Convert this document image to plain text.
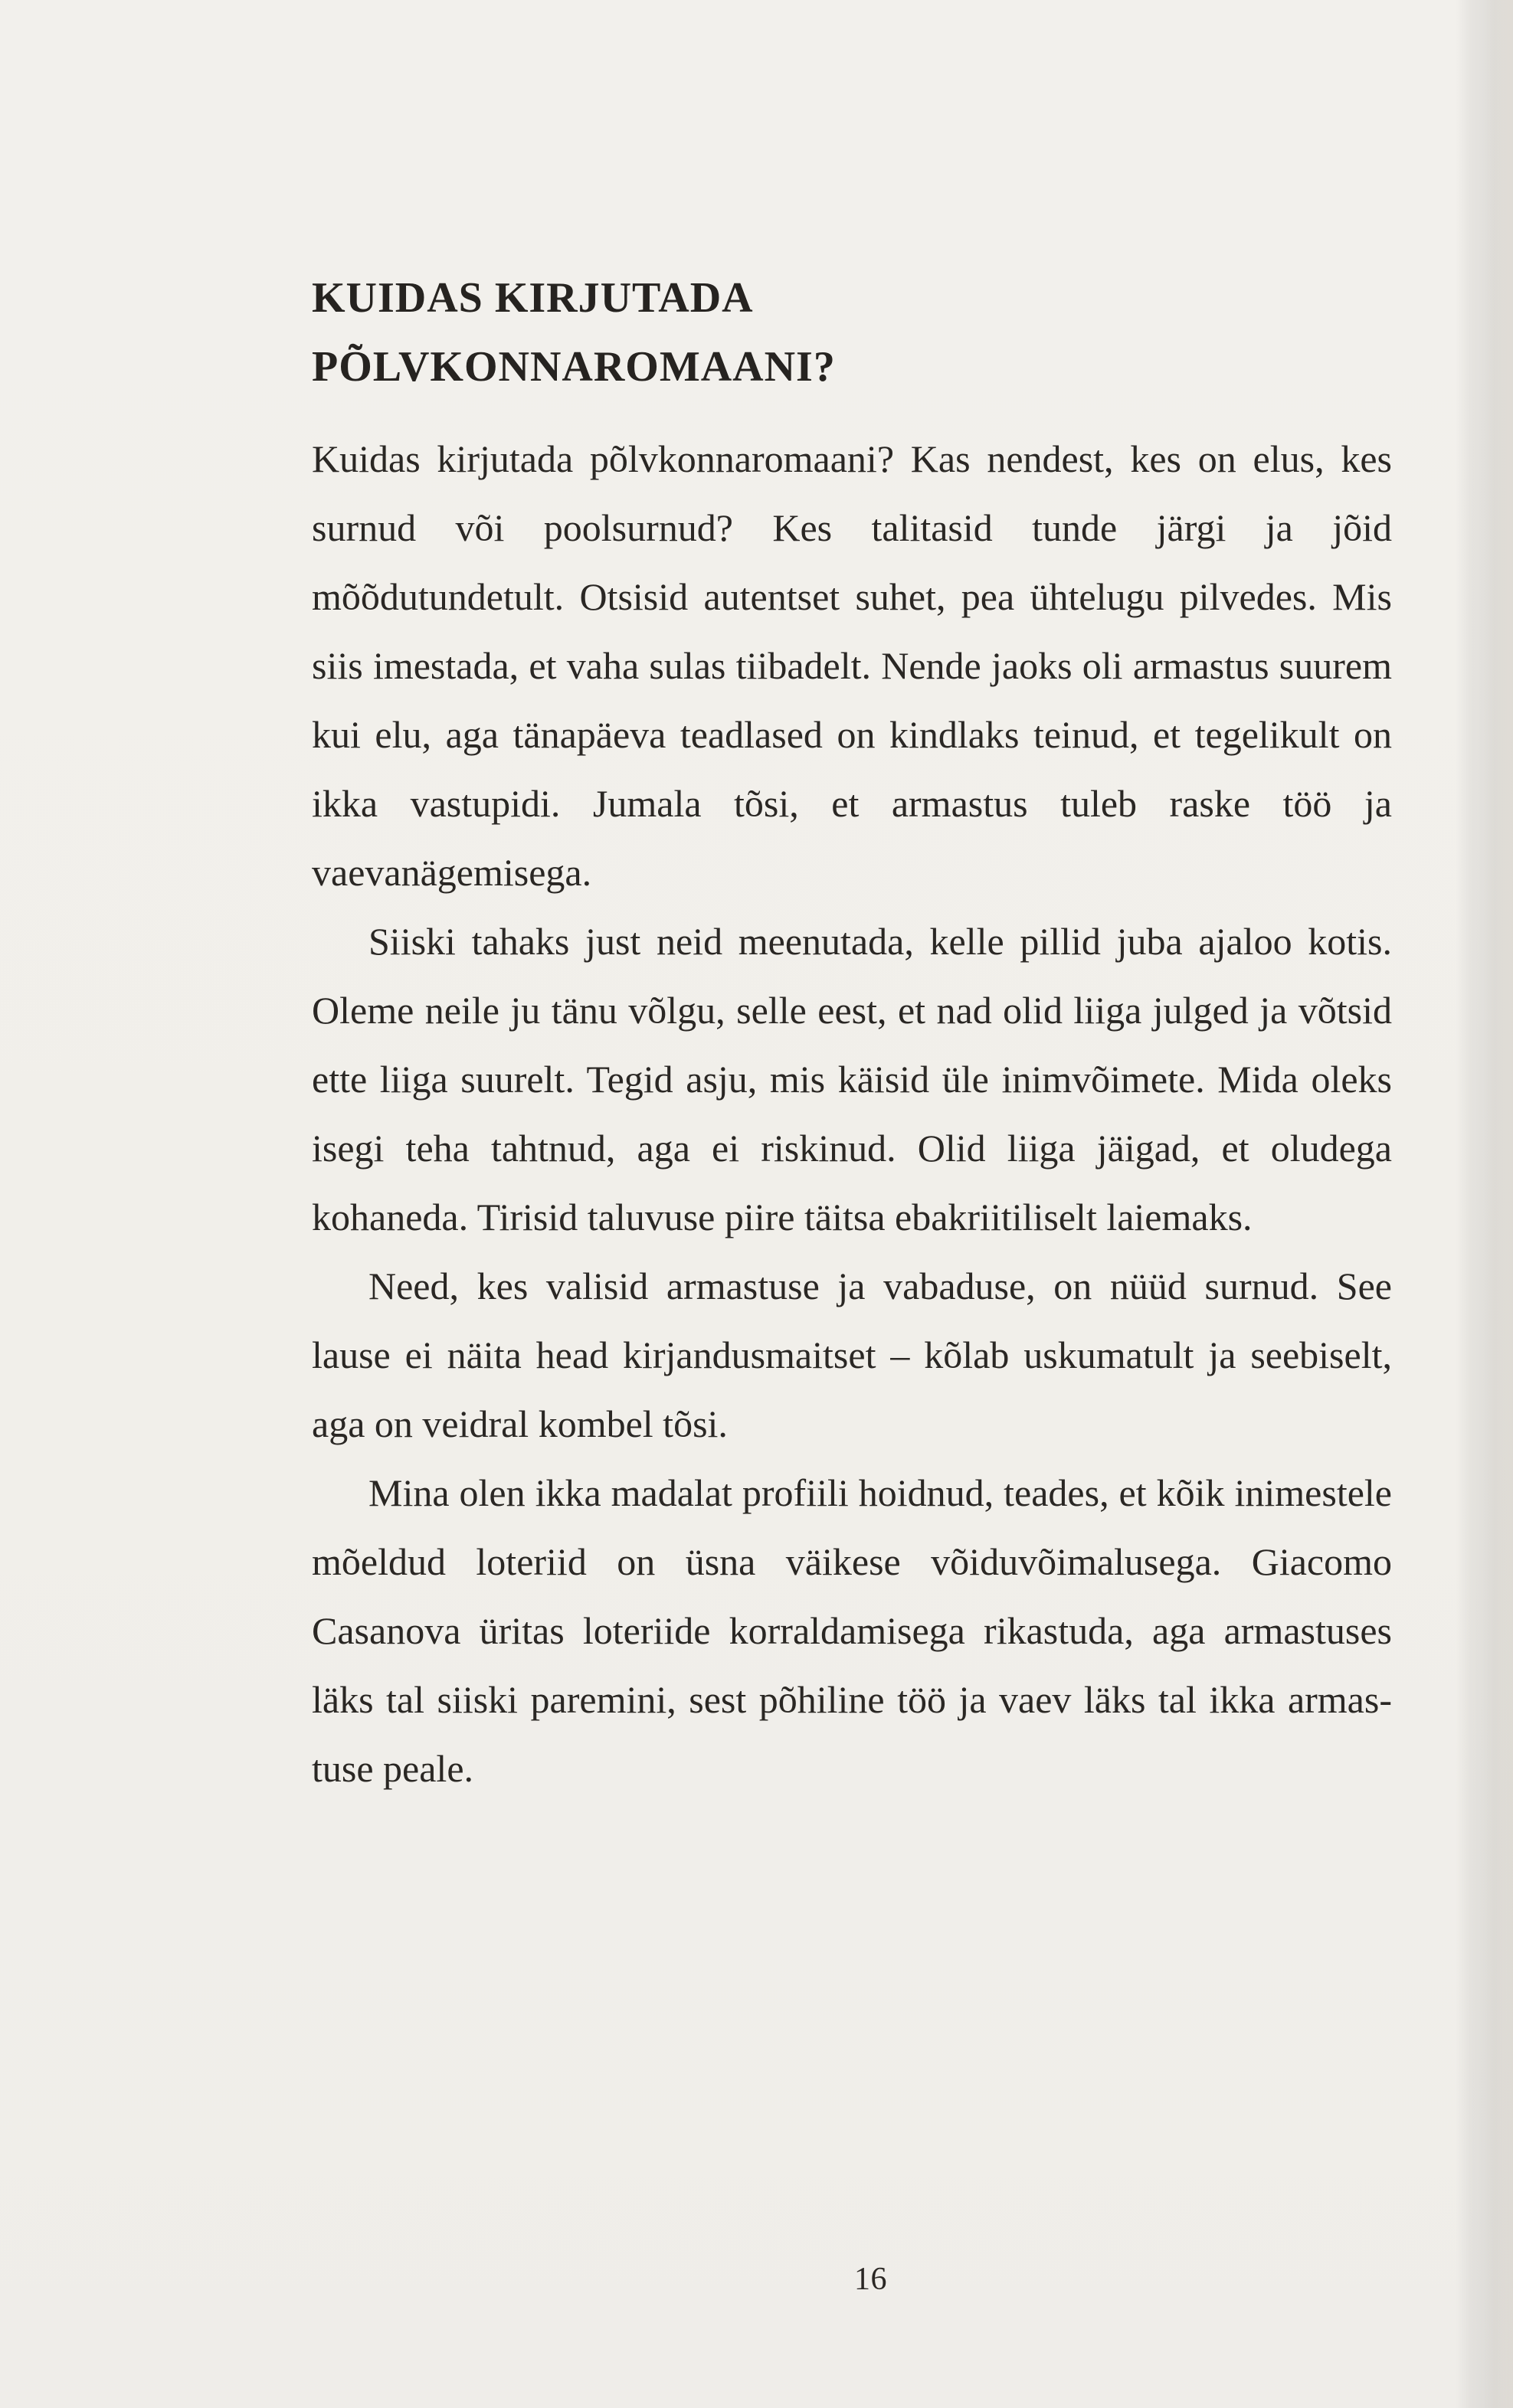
KUIDAS KIRJUTADA
PÕLVKONNAROMAANI?

Kuidas kirjutada põlvkonnaromaani? Kas nendest, kes on elus, kes surnud või poolsurnud? Kes talitasid tunde järgi ja jõid mõõdutundetult. Otsisid autentset suhet, pea ühtelugu pilvedes. Mis siis imestada, et vaha sulas tiibadelt. Nende jaoks oli armastus suurem kui elu, aga tänapäeva teadlased on kindlaks teinud, et tegelikult on ikka vastupidi. Jumala tõsi, et armastus tuleb raske töö ja vaevanägemisega.

Siiski tahaks just neid meenutada, kelle pillid juba ajaloo kotis. Oleme neile ju tänu võlgu, selle eest, et nad olid liiga julged ja võtsid ette liiga suurelt. Tegid asju, mis käisid üle inimvõimete. Mida oleks isegi teha tahtnud, aga ei riskinud. Olid liiga jäigad, et oludega kohaneda. Tirisid taluvuse piire täitsa ebakriitiliselt laiemaks.

Need, kes valisid armastuse ja vabaduse, on nüüd surnud. See lause ei näita head kirjandusmaitset – kõlab uskumatult ja seebiselt, aga on veidral kombel tõsi.

Mina olen ikka madalat profiili hoidnud, teades, et kõik inimestele mõeldud loteriid on üsna väikese võiduvõimalusega. Giacomo Casanova üritas loteriide korraldamisega rikastuda, aga armastuses läks tal siiski paremini, sest põhiline töö ja vaev läks tal ikka armastuse peale.

16
